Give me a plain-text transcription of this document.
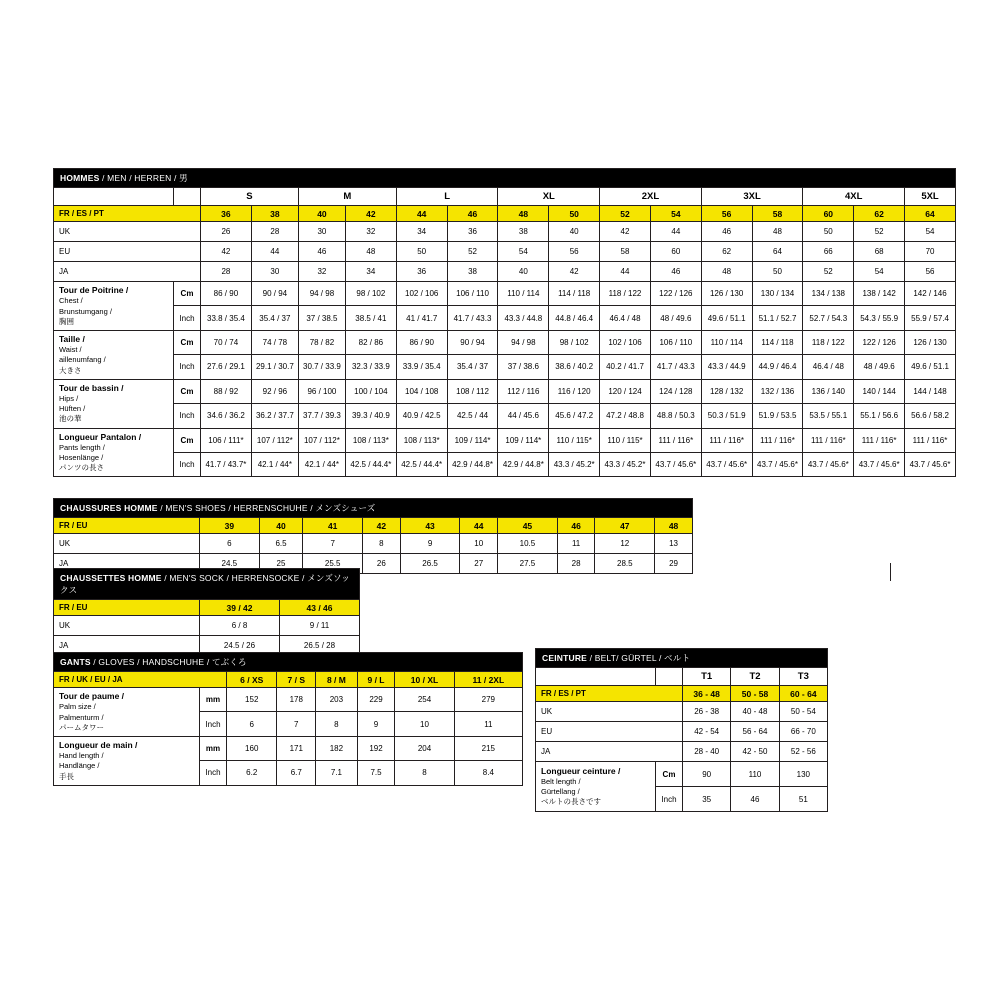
HOMMES / MEN / HERREN / 男																
		S		M		L		XL		2XL		3XL		4XL		5XL
FR / ES / PT		36	38	40	42	44	46	48	50	52	54	56	58	60	62	64
UK		26	28	30	32	34	36	38	40	42	44	46	48	50	52	54
EU		42	44	46	48	50	52	54	56	58	60	62	64	66	68	70
JA		28	30	32	34	36	38	40	42	44	46	48	50	52	54	56
Tour de Poitrine /
Chest /
Brunstumgang /
胸囲	Cm	86 / 90	90 / 94	94 / 98	98 / 102	102 / 106	106 / 110	110 / 114	114 / 118	118 / 122	122 / 126	126 / 130	130 / 134	134 / 138	138 / 142	142 / 146
	Inch	33.8 / 35.4	35.4 / 37	37 / 38.5	38.5 / 41	41 / 41.7	41.7 / 43.3	43.3 / 44.8	44.8 / 46.4	46.4 / 48	48 / 49.6	49.6 / 51.1	51.1 / 52.7	52.7 / 54.3	54.3 / 55.9	55.9 / 57.4
Taille /
Waist /
aillenumfang /
大きさ	Cm	70 / 74	74 / 78	78 / 82	82 / 86	86 / 90	90 / 94	94 / 98	98 / 102	102 / 106	106 / 110	110 / 114	114 / 118	118 / 122	122 / 126	126 / 130
	Inch	27.6 / 29.1	29.1 / 30.7	30.7 / 33.9	32.3 / 33.9	33.9 / 35.4	35.4 / 37	37 / 38.6	38.6 / 40.2	40.2 / 41.7	41.7 / 43.3	43.3 / 44.9	44.9 / 46.4	46.4 / 48	48 / 49.6	49.6 / 51.1
Tour de bassin /
Hips /
Hüften /
池の華	Cm	88 / 92	92 / 96	96 / 100	100 / 104	104 / 108	108 / 112	112 / 116	116 / 120	120 / 124	124 / 128	128 / 132	132 / 136	136 / 140	140 / 144	144 / 148
	Inch	34.6 / 36.2	36.2 / 37.7	37.7 / 39.3	39.3 / 40.9	40.9 / 42.5	42.5 / 44	44 / 45.6	45.6 / 47.2	47.2 / 48.8	48.8 / 50.3	50.3 / 51.9	51.9 / 53.5	53.5 / 55.1	55.1 / 56.6	56.6 / 58.2
Longueur Pantalon /
Pants length /
Hosenlänge /
パンツの長さ	Cm	106 / 111*	107 / 112*	107 / 112*	108 / 113*	108 / 113*	109 / 114*	109 / 114*	110 / 115*	110 / 115*	111 / 116*	111 / 116*	111 / 116*	111 / 116*	111 / 116*	111 / 116*
	Inch	41.7 / 43.7*	42.1 / 44*	42.1 / 44*	42.5 / 44.4*	42.5 / 44.4*	42.9 / 44.8*	42.9 / 44.8*	43.3 / 45.2*	43.3 / 45.2*	43.7 / 45.6*	43.7 / 45.6*	43.7 / 45.6*	43.7 / 45.6*	43.7 / 45.6*	43.7 / 45.6*
CHAUSSURES HOMME / MEN'S SHOES / HERRENSCHUHE / メンズシューズ										
FR / EU	39	40	41	42	43	44	45	46	47	48
UK	6	6.5	7	8	9	10	10.5	11	12	13
JA	24.5	25	25.5	26	26.5	27	27.5	28	28.5	29
CHAUSSETTES HOMME / MEN'S SOCK / HERRENSOCKE / メンズソックス		
FR / EU	39 / 42	43 / 46
UK	6 / 8	9 / 11
JA	24.5 / 26	26.5 / 28
GANTS / GLOVES / HANDSCHUHE / てぶくろ							
FR / UK / EU / JA		6 / XS	7 / S	8 / M	9 / L	10 / XL	11 / 2XL
Tour de paume /
Palm size /
Palmenturm /
パームタワー	mm	152	178	203	229	254	279
	Inch	6	7	8	9	10	11
Longueur de main /
Hand length /
Handlänge /
手長	mm	160	171	182	192	204	215
	Inch	6.2	6.7	7.1	7.5	8	8.4
CEINTURE / BELT/ GÜRTEL / ベルト				
		T1	T2	T3
FR / ES / PT		36 - 48	50 - 58	60 - 64
UK		26 - 38	40 - 48	50 - 54
EU		42 - 54	56 - 64	66 - 70
JA		28 - 40	42 - 50	52 - 56
Longueur ceinture /
Belt length /
Gürtellang /
ベルトの長さです	Cm	90	110	130
	Inch	35	46	51
